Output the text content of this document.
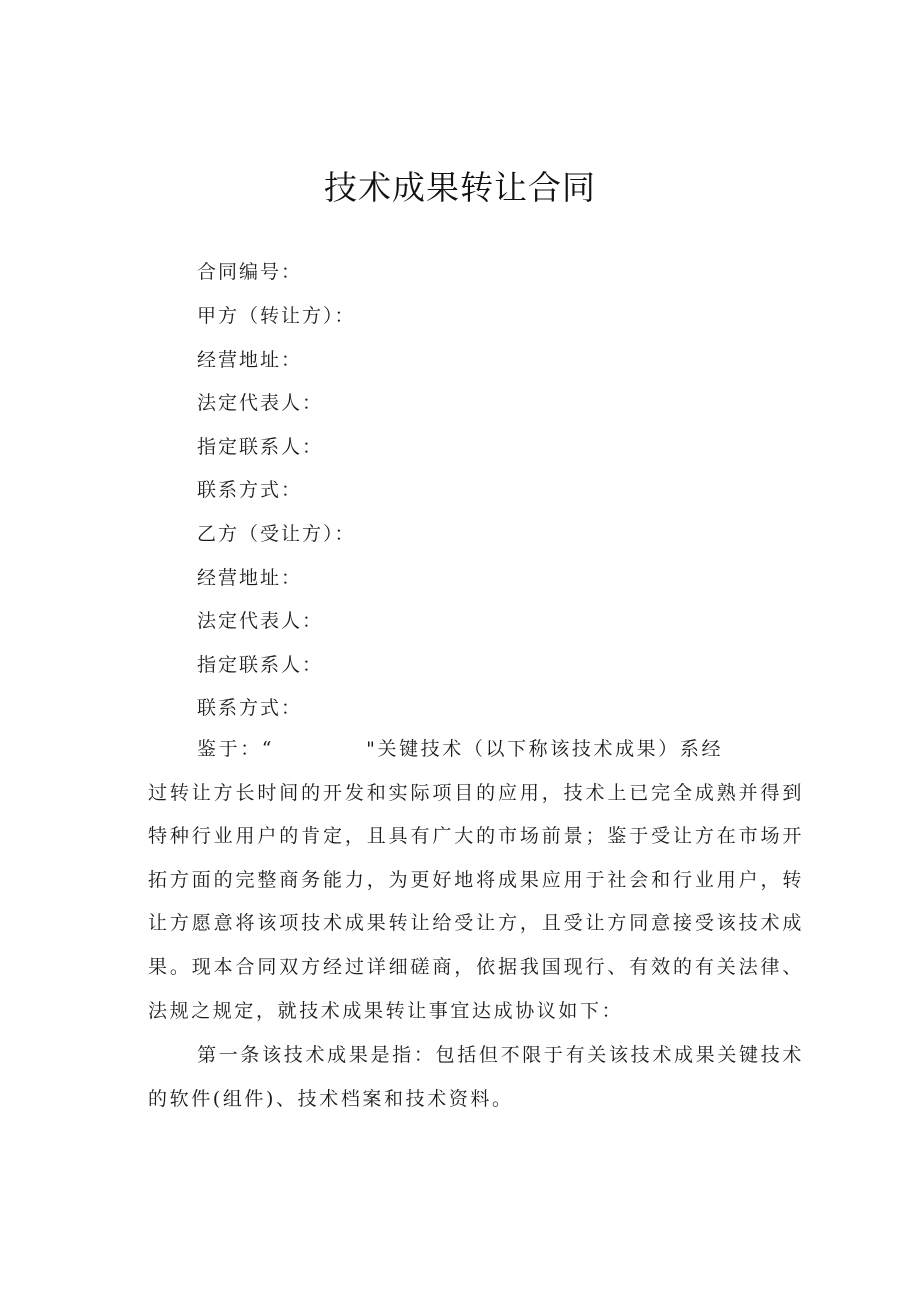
技术成果转让合同
合同编号：
甲方（转让方）：
经营地址：
法定代表人：
指定联系人：
联系方式：
乙方（受让方）：
经营地址：
法定代表人：
指定联系人：
联系方式：
鉴于：“	"关键技术（以下称该技术成果）系经
过转让方长时间的开发和实际项目的应用，技术上已完全成熟并得到
特种行业用户的肯定，且具有广大的市场前景；鉴于受让方在市场开
拓方面的完整商务能力，为更好地将成果应用于社会和行业用户，转
让方愿意将该项技术成果转让给受让方，且受让方同意接受该技术成
果。现本合同双方经过详细磋商，依据我国现行、有效的有关法律、
法规之规定，就技术成果转让事宜达成协议如下：
第一条该技术成果是指：包括但不限于有关该技术成果关键技术
的软件(组件)、技术档案和技术资料。
